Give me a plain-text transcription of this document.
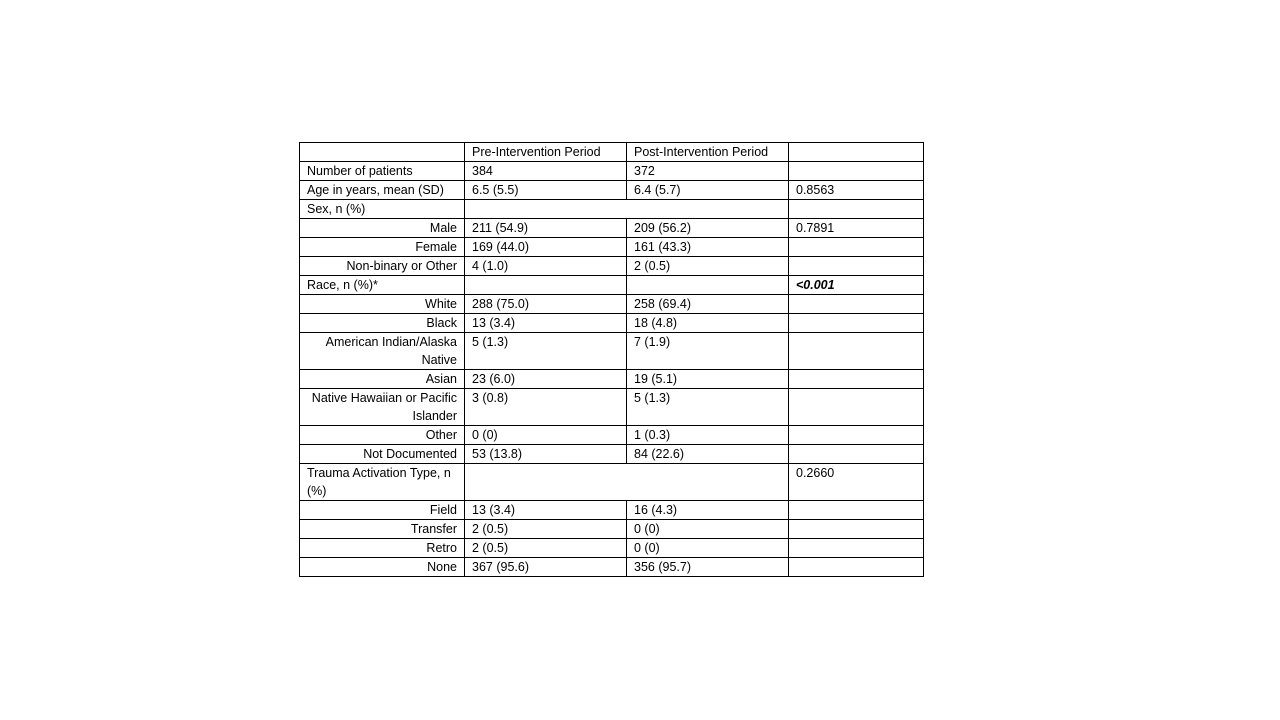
	Pre-Intervention Period	Post-Intervention Period	
Number of patients	384	372	
Age in years, mean (SD)	6.5 (5.5)	6.4 (5.7)	0.8563
Sex, n (%)			
Male	211 (54.9)	209 (56.2)	0.7891
Female	169 (44.0)	161 (43.3)	
Non-binary or Other	4 (1.0)	2 (0.5)	
Race, n (%)*			<0.001
White	288 (75.0)	258 (69.4)	
Black	13 (3.4)	18 (4.8)	
American Indian/Alaska Native	5 (1.3)	7 (1.9)	
Asian	23 (6.0)	19 (5.1)	
Native Hawaiian or Pacific Islander	3 (0.8)	5 (1.3)	
Other	0 (0)	1 (0.3)	
Not Documented	53 (13.8)	84 (22.6)	
Trauma Activation Type, n (%)			0.2660
Field	13 (3.4)	16 (4.3)	
Transfer	2 (0.5)	0 (0)	
Retro	2 (0.5)	0 (0)	
None	367 (95.6)	356 (95.7)	
